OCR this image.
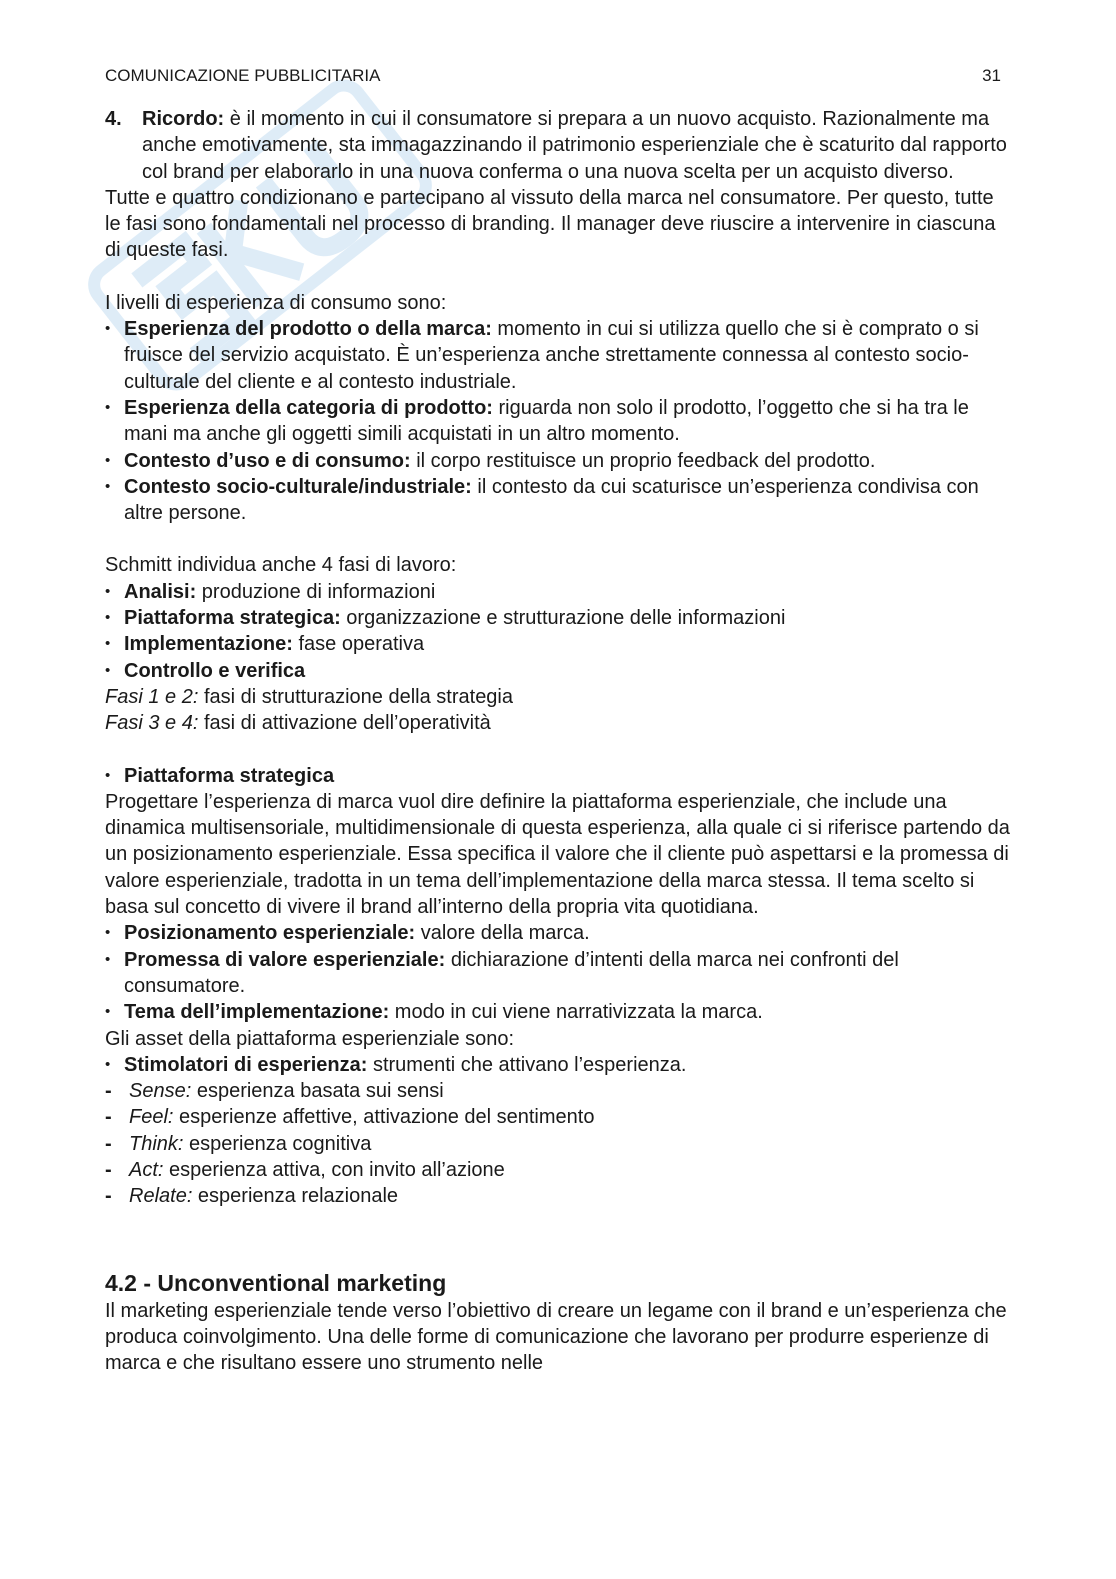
COMUNICAZIONE PUBBLICITARIA	31
4.	Ricordo: è il momento in cui il consumatore si prepara a un nuovo acquisto. Razionalmente ma anche emotivamente, sta immagazzinando il patrimonio esperienziale che è scaturito dal rapporto col brand per elaborarlo in una nuova conferma o una nuova scelta per un acquisto diverso.

Tutte e quattro condizionano e partecipano al vissuto della marca nel consumatore. Per questo, tutte le fasi sono fondamentali nel processo di branding. Il manager deve riuscire a intervenire in ciascuna di queste fasi.

I livelli di esperienza di consumo sono:

• Esperienza del prodotto o della marca: momento in cui si utilizza quello che si è comprato o si fruisce del servizio acquistato. È un’esperienza anche strettamente connessa al contesto socio-culturale del cliente e al contesto industriale.

• Esperienza della categoria di prodotto: riguarda non solo il prodotto, l’oggetto che si ha tra le mani ma anche gli oggetti simili acquistati in un altro momento.

• Contesto d’uso e di consumo: il corpo restituisce un proprio feedback del prodotto.

• Contesto socio-culturale/industriale: il contesto da cui scaturisce un’esperienza condivisa con altre persone.

Schmitt individua anche 4 fasi di lavoro:

• Analisi: produzione di informazioni

• Piattaforma strategica: organizzazione e strutturazione delle informazioni

• Implementazione: fase operativa

• Controllo e verifica

Fasi 1 e 2: fasi di strutturazione della strategia

Fasi 3 e 4: fasi di attivazione dell’operatività

• Piattaforma strategica

Progettare l’esperienza di marca vuol dire definire la piattaforma esperienziale, che include una dinamica multisensoriale, multidimensionale di questa esperienza, alla quale ci si riferisce partendo da un posizionamento esperienziale. Essa specifica il valore che il cliente può aspettarsi e la promessa di valore esperienziale, tradotta in un tema dell’implementazione della marca stessa. Il tema scelto si basa sul concetto di vivere il brand all’interno della propria vita quotidiana.

• Posizionamento esperienziale: valore della marca.

• Promessa di valore esperienziale: dichiarazione d’intenti della marca nei confronti del consumatore.

• Tema dell’implementazione: modo in cui viene narrativizzata la marca.

Gli asset della piattaforma esperienziale sono:

• Stimolatori di esperienza: strumenti che attivano l’esperienza.

- Sense: esperienza basata sui sensi

- Feel: esperienze affettive, attivazione del sentimento

- Think: esperienza cognitiva

- Act: esperienza attiva, con invito all’azione

- Relate: esperienza relazionale

4.2 - Unconventional marketing

Il marketing esperienziale tende verso l’obiettivo di creare un legame con il brand e un’esperienza che produca coinvolgimento. Una delle forme di comunicazione che lavorano per produrre esperienze di marca e che risultano essere uno strumento nelle
